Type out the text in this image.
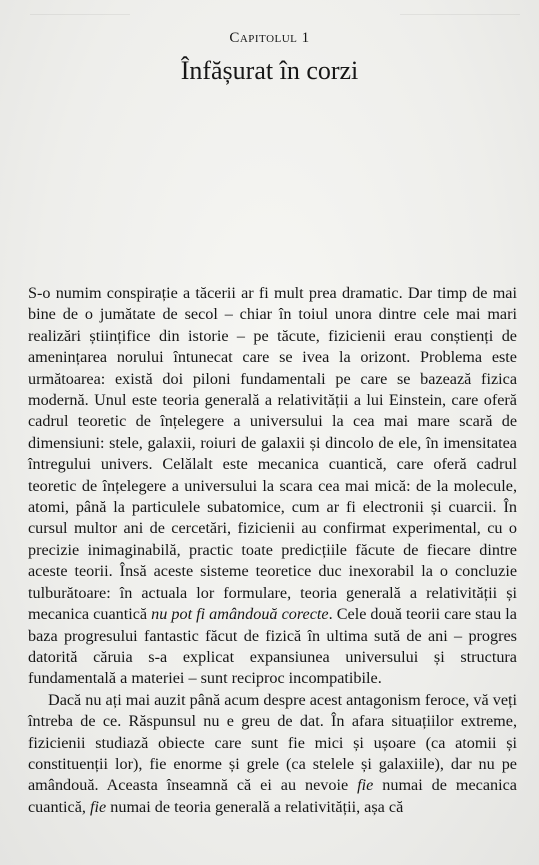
Capitolul 1
Înfășurat în corzi

S-o numim conspirație a tăcerii ar fi mult prea dramatic. Dar timp de mai bine de o jumătate de secol – chiar în toiul unora dintre cele mai mari realizări științifice din istorie – pe tăcute, fizicienii erau conștienți de amenințarea norului întunecat care se ivea la orizont. Problema este următoarea: există doi piloni fundamentali pe care se bazează fizica modernă. Unul este teoria generală a relativității a lui Einstein, care oferă cadrul teoretic de înțelegere a universului la cea mai mare scară de dimensiuni: stele, galaxii, roiuri de galaxii și dincolo de ele, în imensitatea întregului univers. Celălalt este mecanica cuantică, care oferă cadrul teoretic de înțelegere a universului la scara cea mai mică: de la molecule, atomi, până la particulele subatomice, cum ar fi electronii și cuarcii. În cursul multor ani de cercetări, fizicienii au confirmat experimental, cu o precizie inimaginabilă, practic toate predicțiile făcute de fiecare dintre aceste teorii. Însă aceste sisteme teoretice duc inexorabil la o concluzie tulburătoare: în actuala lor formulare, teoria generală a relativității și mecanica cuantică nu pot fi amândouă corecte. Cele două teorii care stau la baza progresului fantastic făcut de fizică în ultima sută de ani – progres datorită căruia s-a explicat expansiunea universului și structura fundamentală a materiei – sunt reciproc incompatibile.

Dacă nu ați mai auzit până acum despre acest antagonism feroce, vă veți întreba de ce. Răspunsul nu e greu de dat. În afara situațiilor extreme, fizicienii studiază obiecte care sunt fie mici și ușoare (ca atomii și constituenții lor), fie enorme și grele (ca stelele și galaxiile), dar nu pe amândouă. Aceasta înseamnă că ei au nevoie fie numai de mecanica cuantică, fie numai de teoria generală a relativității, așa că
